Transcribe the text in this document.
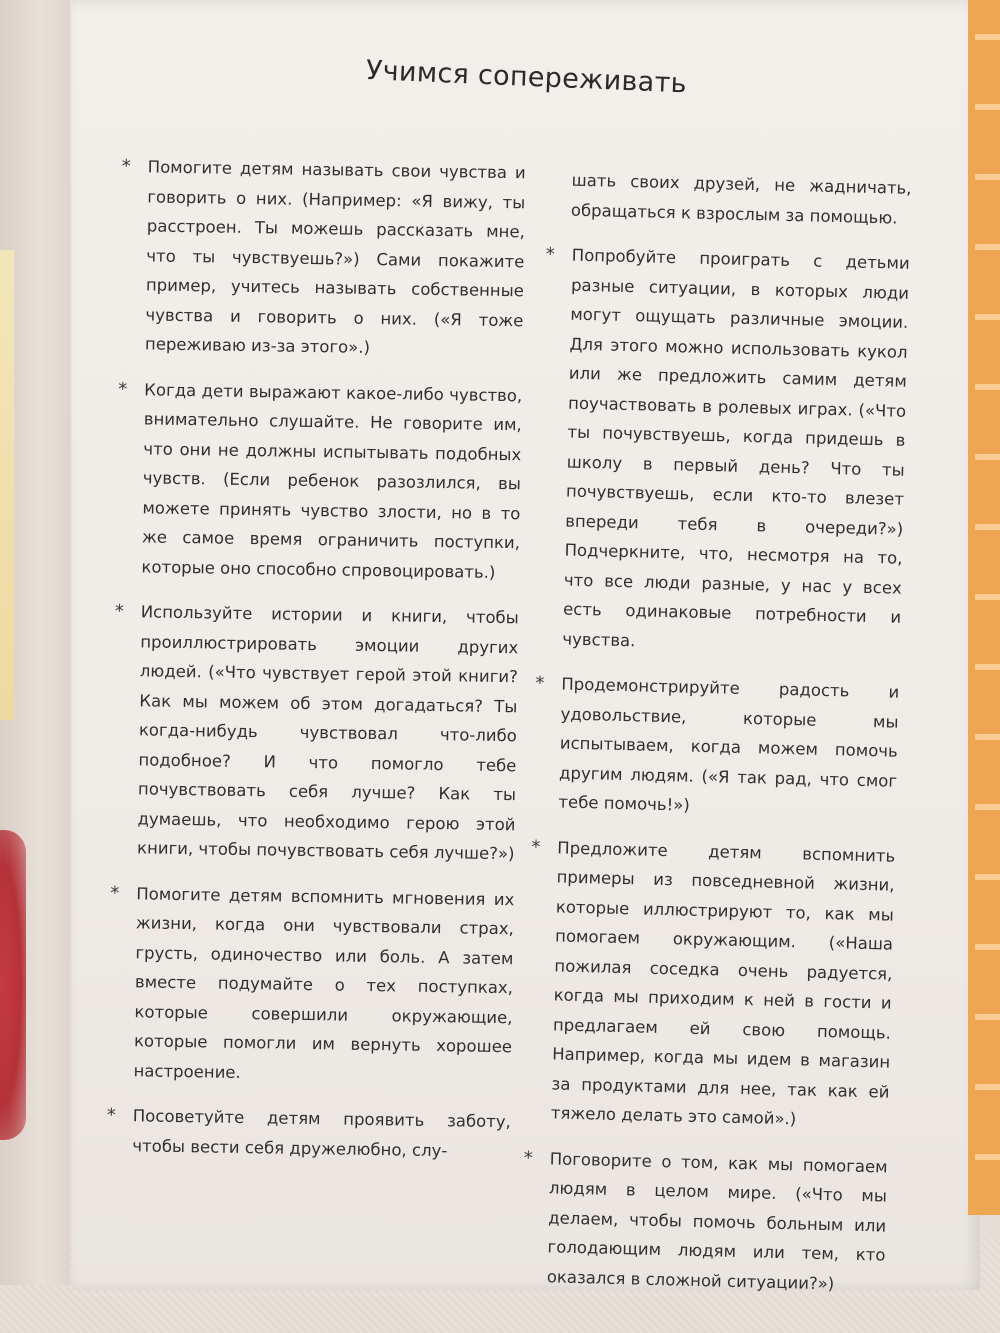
Учимся сопереживать
* Помогите детям называть свои чувства и говорить о них. (Например: «Я вижу, ты расстроен. Ты можешь рассказать мне, что ты чувствуешь?») Сами покажите пример, учитесь называть собственные чувства и говорить о них. («Я тоже переживаю из-за этого».)
* Когда дети выражают какое-либо чувство, внимательно слушайте. Не говорите им, что они не должны испытывать подобных чувств. (Если ребенок разозлился, вы можете принять чувство злости, но в то же самое время ограничить поступки, которые оно способно спровоцировать.)
* Используйте истории и книги, чтобы проиллюстрировать эмоции других людей. («Что чувствует герой этой книги? Как мы можем об этом догадаться? Ты когда-нибудь чувствовал что-либо подобное? И что помогло тебе почувствовать себя лучше? Как ты думаешь, что необходимо герою этой книги, чтобы почувствовать себя лучше?»)
* Помогите детям вспомнить мгновения их жизни, когда они чувствовали страх, грусть, одиночество или боль. А затем вместе подумайте о тех поступках, которые совершили окружающие, которые помогли им вернуть хорошее настроение.
* Посоветуйте детям проявить заботу, чтобы вести себя дружелюбно, слу-
шать своих друзей, не жадничать, обращаться к взрослым за помощью.
* Попробуйте проиграть с детьми разные ситуации, в которых люди могут ощущать различные эмоции. Для этого можно использовать кукол или же предложить самим детям поучаствовать в ролевых играх. («Что ты почувствуешь, когда придешь в школу в первый день? Что ты почувствуешь, если кто-то влезет впереди тебя в очереди?») Подчеркните, что, несмотря на то, что все люди разные, у нас у всех есть одинаковые потребности и чувства.
* Продемонстрируйте радость и удовольствие, которые мы испытываем, когда можем помочь другим людям. («Я так рад, что смог тебе помочь!»)
* Предложите детям вспомнить примеры из повседневной жизни, которые иллюстрируют то, как мы помогаем окружающим. («Наша пожилая соседка очень радуется, когда мы приходим к ней в гости и предлагаем ей свою помощь. Например, когда мы идем в магазин за продуктами для нее, так как ей тяжело делать это самой».)
* Поговорите о том, как мы помогаем людям в целом мире. («Что мы делаем, чтобы помочь больным или голодающим людям или тем, кто оказался в сложной ситуации?»)
